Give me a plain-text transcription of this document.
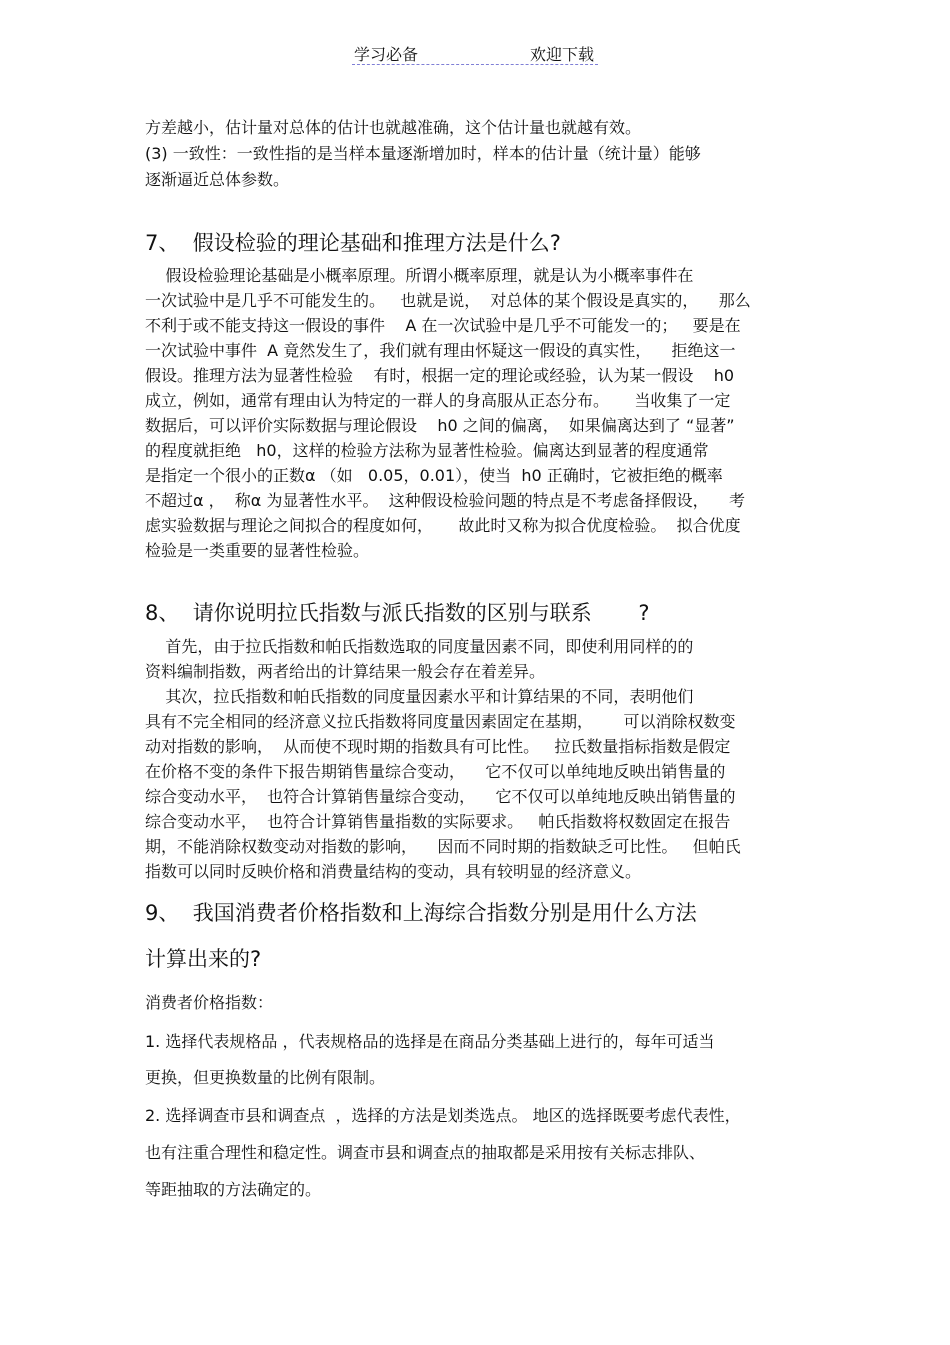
学习必备	欢迎下载
方差越小，估计量对总体的估计也就越准确，这个估计量也就越有效。
(3) 一致性：一致性指的是当样本量逐渐增加时，样本的估计量（统计量）能够
逐渐逼近总体参数。
7、  假设检验的理论基础和推理方法是什么?
假设检验理论基础是小概率原理。所谓小概率原理，就是认为小概率事件在
一次试验中是几乎不可能发生的。   也就是说，  对总体的某个假设是真实的，    那么
不利于或不能支持这一假设的事件    A 在一次试验中是几乎不可能发一的；   要是在
一次试验中事件  A 竟然发生了，我们就有理由怀疑这一假设的真实性，    拒绝这一
假设。推理方法为显著性检验    有时，根据一定的理论或经验，认为某一假设    h0
成立，例如，通常有理由认为特定的一群人的身高服从正态分布。     当收集了一定
数据后，可以评价实际数据与理论假设    h0 之间的偏离，  如果偏离达到了 “显著”
的程度就拒绝   h0，这样的检验方法称为显著性检验。偏离达到显著的程度通常
是指定一个很小的正数α （如   0.05，0.01），使当  h0 正确时，它被拒绝的概率
不超过α ，  称α 为显著性水平。  这种假设检验问题的特点是不考虑备择假设，    考
虑实验数据与理论之间拟合的程度如何，     故此时又称为拟合优度检验。  拟合优度
检验是一类重要的显著性检验。
8、  请你说明拉氏指数与派氏指数的区别与联系       ?
首先，由于拉氏指数和帕氏指数选取的同度量因素不同，即使利用同样的的
资料编制指数，两者给出的计算结果一般会存在着差异。
其次，拉氏指数和帕氏指数的同度量因素水平和计算结果的不同，表明他们
具有不完全相同的经济意义拉氏指数将同度量因素固定在基期，      可以消除权数变
动对指数的影响，  从而使不现时期的指数具有可比性。   拉氏数量指标指数是假定
在价格不变的条件下报告期销售量综合变动，    它不仅可以单纯地反映出销售量的
综合变动水平，  也符合计算销售量综合变动，    它不仅可以单纯地反映出销售量的
综合变动水平，  也符合计算销售量指数的实际要求。   帕氏指数将权数固定在报告
期，不能消除权数变动对指数的影响，    因而不同时期的指数缺乏可比性。   但帕氏
指数可以同时反映价格和消费量结构的变动，具有较明显的经济意义。
9、  我国消费者价格指数和上海综合指数分别是用什么方法
计算出来的?
消费者价格指数：
1. 选择代表规格品 ，代表规格品的选择是在商品分类基础上进行的，每年可适当
更换，但更换数量的比例有限制。
2. 选择调查市县和调查点  ，选择的方法是划类选点。 地区的选择既要考虑代表性，
也有注重合理性和稳定性。调查市县和调查点的抽取都是采用按有关标志排队、
等距抽取的方法确定的。
